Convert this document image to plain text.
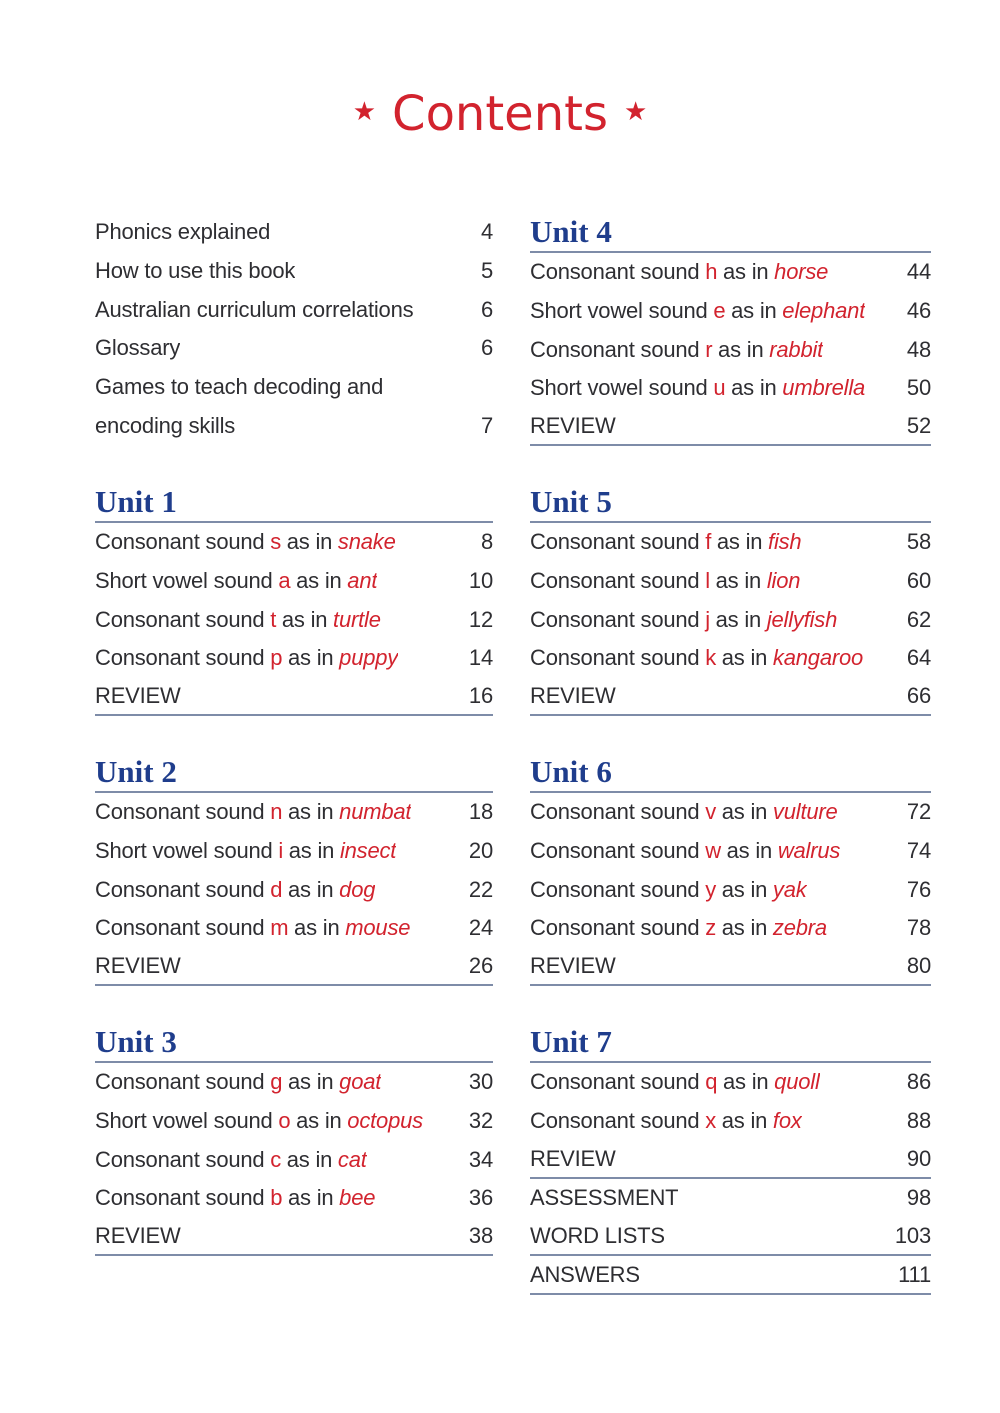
★ Contents ★
Phonics explained	4
How to use this book	5
Australian curriculum correlations	6
Glossary	6
Games to teach decoding and
encoding skills	7
Unit 1
Consonant sound s as in snake	8
Short vowel sound a as in ant	10
Consonant sound t as in turtle	12
Consonant sound p as in puppy	14
REVIEW	16
Unit 2
Consonant sound n as in numbat	18
Short vowel sound i as in insect	20
Consonant sound d as in dog	22
Consonant sound m as in mouse	24
REVIEW	26
Unit 3
Consonant sound g as in goat	30
Short vowel sound o as in octopus	32
Consonant sound c as in cat	34
Consonant sound b as in bee	36
REVIEW	38
Unit 4
Consonant sound h as in horse	44
Short vowel sound e as in elephant	46
Consonant sound r as in rabbit	48
Short vowel sound u as in umbrella	50
REVIEW	52
Unit 5
Consonant sound f as in fish	58
Consonant sound l as in lion	60
Consonant sound j as in jellyfish	62
Consonant sound k as in kangaroo	64
REVIEW	66
Unit 6
Consonant sound v as in vulture	72
Consonant sound w as in walrus	74
Consonant sound y as in yak	76
Consonant sound z as in zebra	78
REVIEW	80
Unit 7
Consonant sound q as in quoll	86
Consonant sound x as in fox	88
REVIEW	90
ASSESSMENT	98
WORD LISTS	103
ANSWERS	111
